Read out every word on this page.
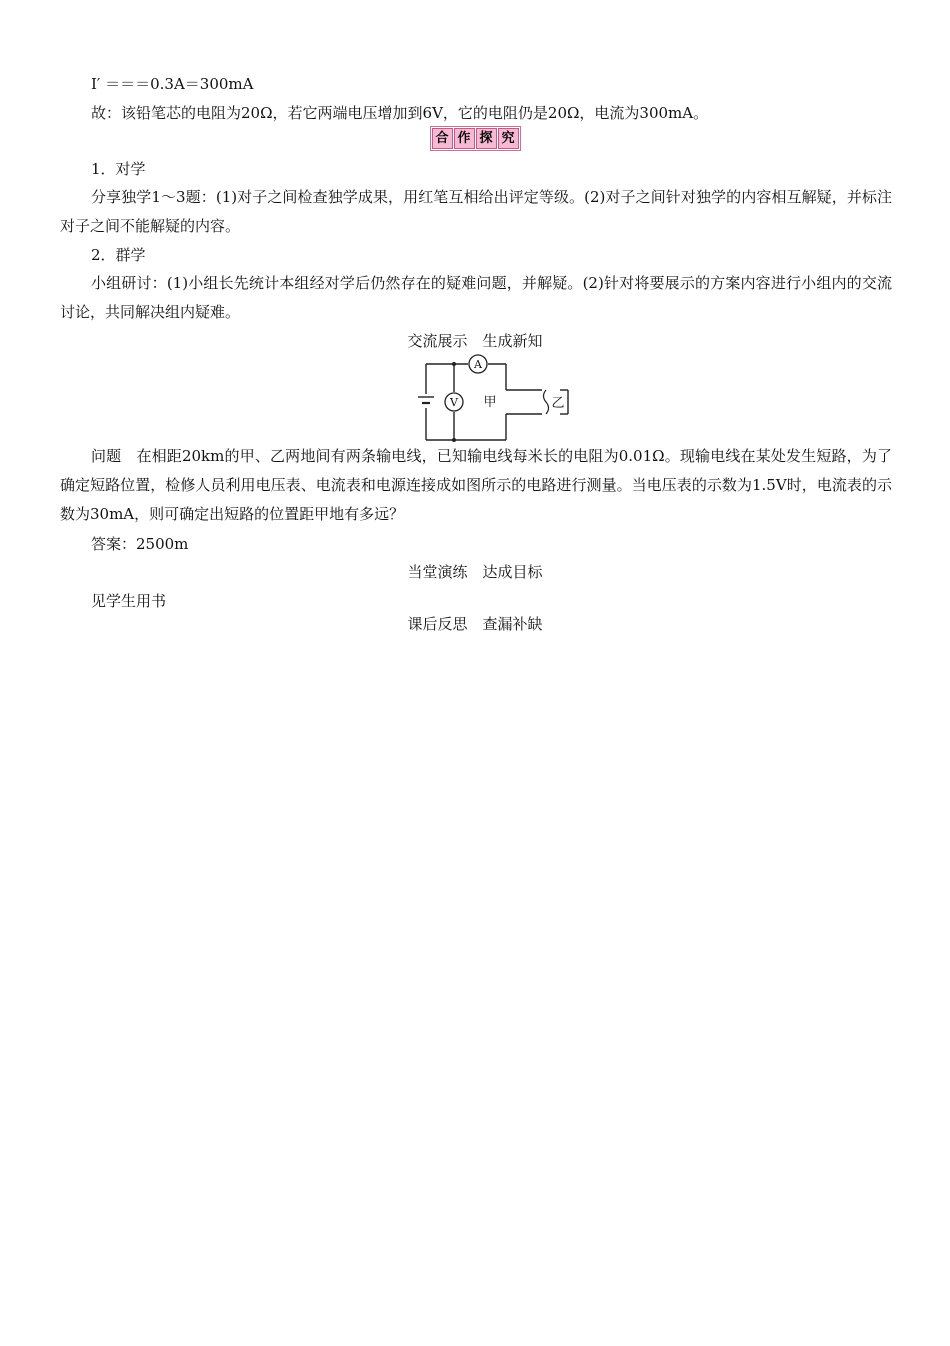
I′ ＝＝＝0.3A＝300mA
故：该铅笔芯的电阻为20Ω，若它两端电压增加到6V，它的电阻仍是20Ω，电流为300mA。
合 作 探 究
1．对学
分享独学1～3题：(1)对子之间检查独学成果，用红笔互相给出评定等级。(2)对子之间针对独学的内容相互解疑，并标注对子之间不能解疑的内容。
2．群学
小组研讨：(1)小组长先统计本组经对学后仍然存在的疑难问题，并解疑。(2)针对将要展示的方案内容进行小组内的交流讨论，共同解决组内疑难。
交流展示　生成新知
A
V 甲	乙
问题　在相距20km的甲、乙两地间有两条输电线，已知输电线每米长的电阻为0.01Ω。现输电线在某处发生短路，为了确定短路位置，检修人员利用电压表、电流表和电源连接成如图所示的电路进行测量。当电压表的示数为1.5V时，电流表的示数为30mA，则可确定出短路的位置距甲地有多远？
答案：2500m
当堂演练　达成目标
见学生用书
课后反思　查漏补缺
